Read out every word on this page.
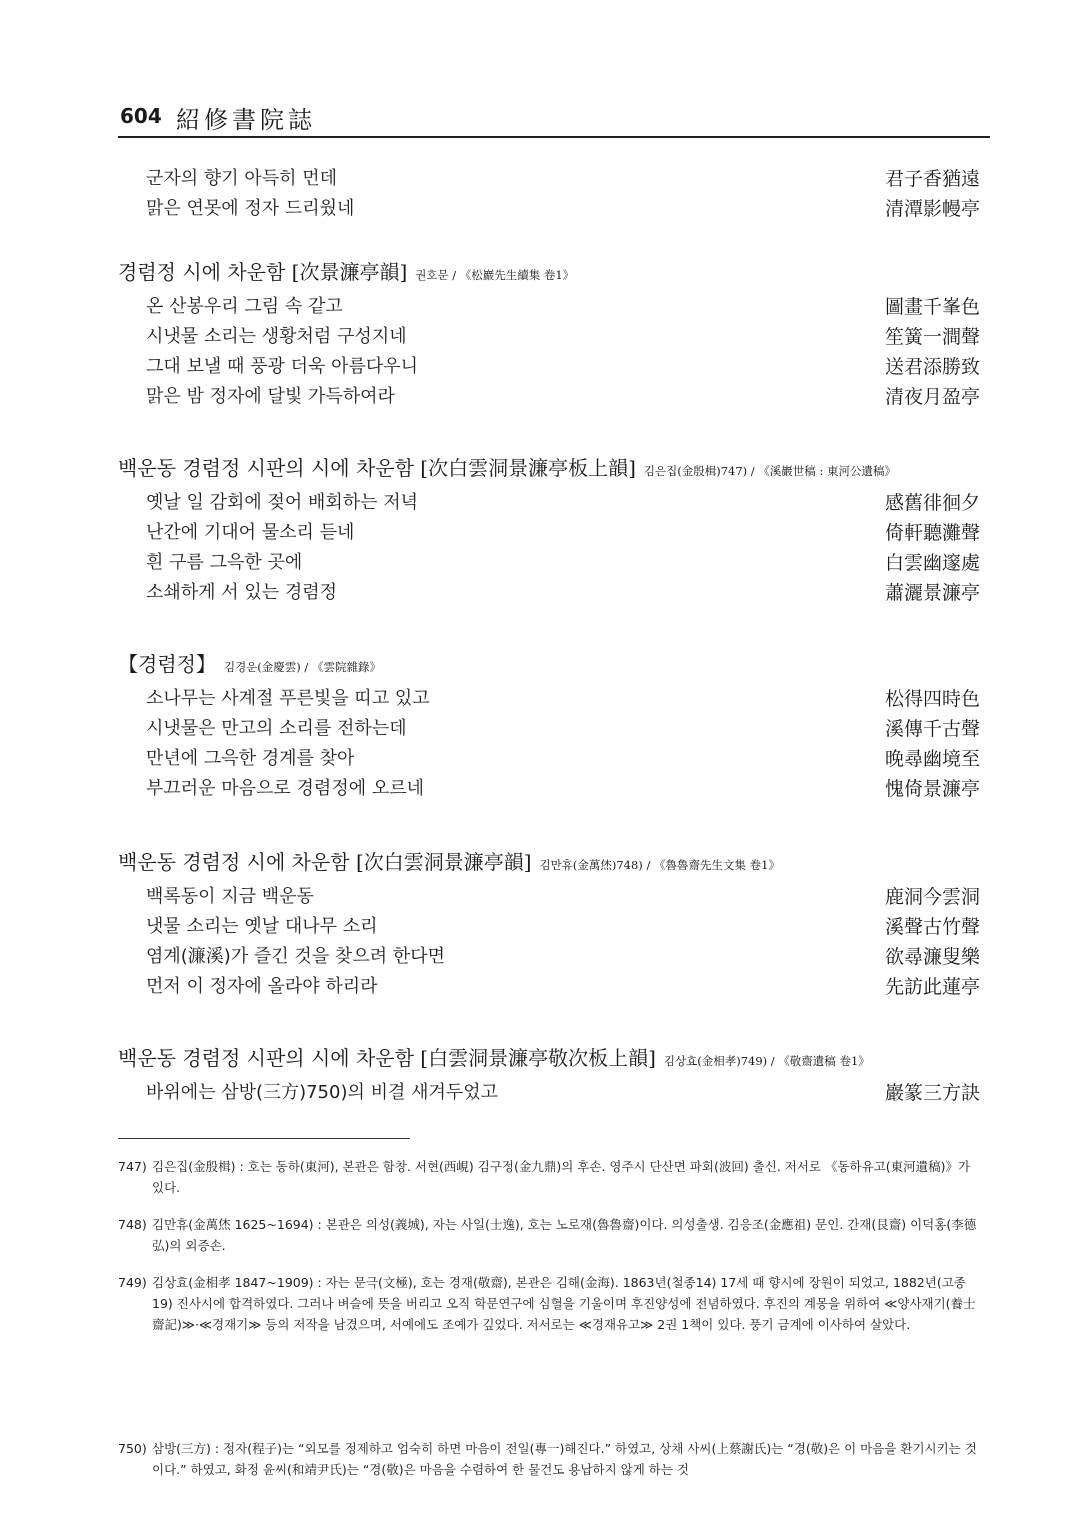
604 紹修書院誌
군자의 향기 아득히 먼데	君子香猶遠
맑은 연못에 정자 드리웠네	清潭影幔亭
경렴정 시에 차운함 [次景濂亭韻] 권호문 / 《松巖先生續集 卷1》
온 산봉우리 그림 속 같고	圖畫千峯色
시냇물 소리는 생황처럼 구성지네	笙簧一澗聲
그대 보낼 때 풍광 더욱 아름다우니	送君添勝致
맑은 밤 정자에 달빛 가득하여라	清夜月盈亭
백운동 경렴정 시판의 시에 차운함 [次白雲洞景濂亭板上韻] 김은집(金殷楫)747) / 《溪巖世稿 : 東河公遺稿》
옛날 일 감회에 젖어 배회하는 저녁	感舊徘徊夕
난간에 기대어 물소리 듣네	倚軒聽灘聲
흰 구름 그윽한 곳에	白雲幽邃處
소쇄하게 서 있는 경렴정	蕭灑景濂亭
【경렴정】 김경운(金慶雲) / 《雲院雜錄》
소나무는 사계절 푸른빛을 띠고 있고	松得四時色
시냇물은 만고의 소리를 전하는데	溪傳千古聲
만년에 그윽한 경계를 찾아	晚尋幽境至
부끄러운 마음으로 경렴정에 오르네	愧倚景濂亭
백운동 경렴정 시에 차운함 [次白雲洞景濂亭韻] 김만휴(金萬烋)748) / 《魯魯齋先生文集 卷1》
백록동이 지금 백운동	鹿洞今雲洞
냇물 소리는 옛날 대나무 소리	溪聲古竹聲
염계(濂溪)가 즐긴 것을 찾으려 한다면	欲尋濂叟樂
먼저 이 정자에 올라야 하리라	先訪此蓮亭
백운동 경렴정 시판의 시에 차운함 [白雲洞景濂亭敬次板上韻] 김상효(金相孝)749) / 《敬齋遺稿 卷1》
바위에는 삼방(三方)750)의 비결 새겨두었고	巖篆三方訣
747) 김은집(金殷楫) : 호는 동하(東河), 본관은 함창. 서현(西峴) 김구정(金九鼎)의 후손. 영주시 단산면 파회(波回) 출신. 저서로 《동하유고(東河遺稿)》가 있다.
748) 김만휴(金萬烋 1625~1694) : 본관은 의성(義城), 자는 사일(士逸), 호는 노로재(魯魯齋)이다. 의성출생. 김응조(金應祖) 문인. 간재(艮齋) 이덕홍(李德弘)의 외증손.
749) 김상효(金相孝 1847~1909) : 자는 문극(文極), 호는 경재(敬齋), 본관은 김해(金海). 1863년(철종14) 17세 때 향시에 장원이 되었고, 1882년(고종19) 진사시에 합격하였다. 그러나 벼슬에 뜻을 버리고 오직 학문연구에 심혈을 기울이며 후진양성에 전념하였다. 후진의 계몽을 위하여 ≪양사재기(養士齋記)≫·≪경재기≫ 등의 저작을 남겼으며, 서예에도 조예가 깊었다. 저서로는 ≪경재유고≫ 2권 1책이 있다. 풍기 금계에 이사하여 살았다.
750) 삼방(三方) : 정자(程子)는 “외모를 정제하고 엄숙히 하면 마음이 전일(專一)해진다.” 하였고, 상채 사씨(上蔡謝氏)는 “경(敬)은 이 마음을 환기시키는 것이다.” 하였고, 화정 윤씨(和靖尹氏)는 “경(敬)은 마음을 수렴하여 한 물건도 용납하지 않게 하는 것
